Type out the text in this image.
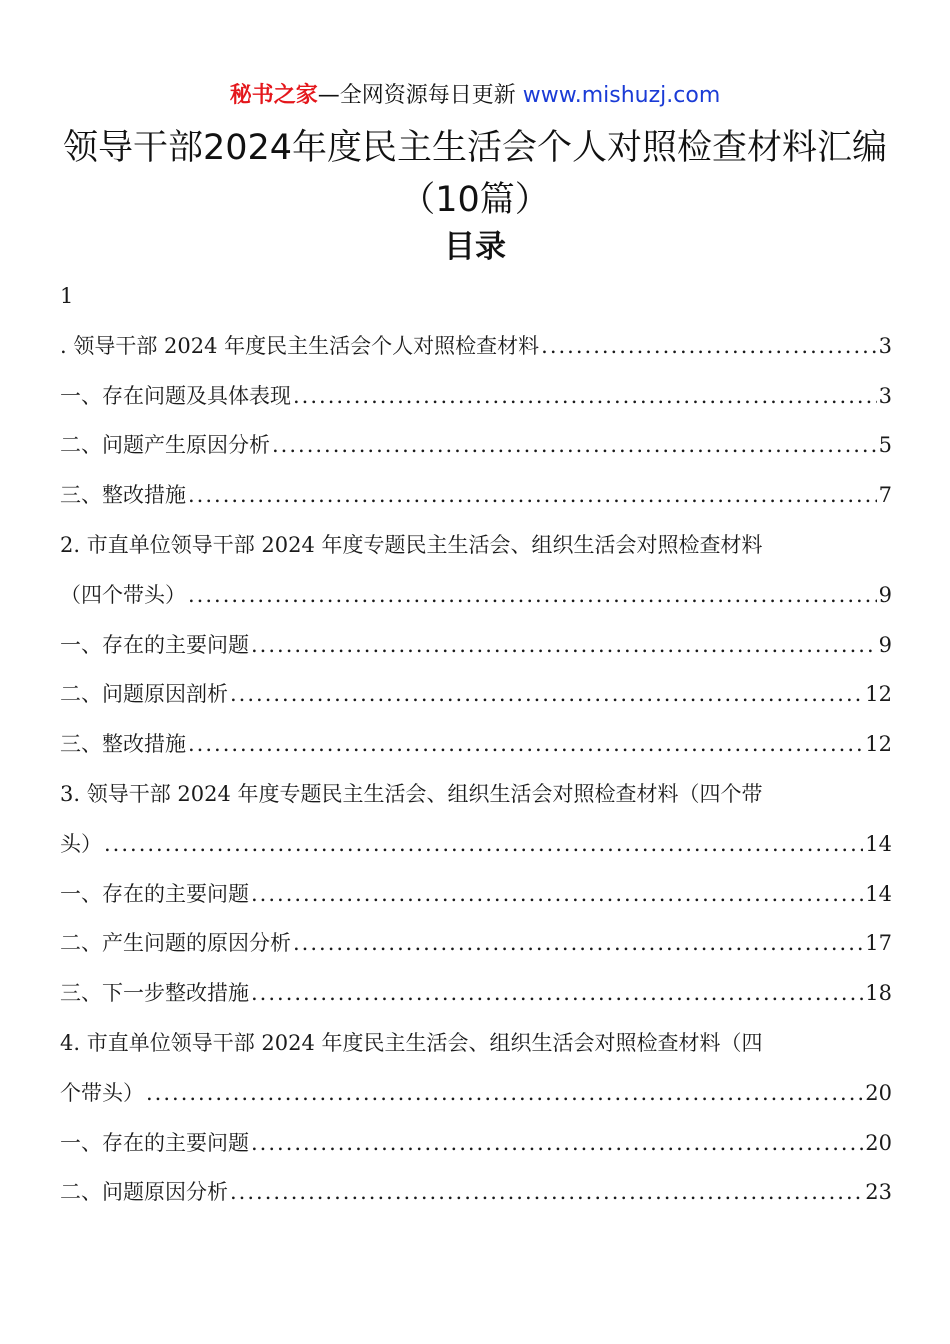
秘书之家—全网资源每日更新 www.mishuzj.com
领导干部2024年度民主生活会个人对照检查材料汇编（10篇）
目录
1
. 领导干部 2024 年度民主生活会个人对照检查材料 .....	3
一、存在问题及具体表现 .....	3
二、问题产生原因分析 .....	5
三、整改措施 .....	7
2. 市直单位领导干部 2024 年度专题民主生活会、组织生活会对照检查材料
（四个带头） .....	9
一、存在的主要问题 .....	9
二、问题原因剖析 .....	12
三、整改措施 .....	12
3. 领导干部 2024 年度专题民主生活会、组织生活会对照检查材料（四个带
头） .....	14
一、存在的主要问题 .....	14
二、产生问题的原因分析 .....	17
三、下一步整改措施 .....	18
4. 市直单位领导干部 2024 年度民主生活会、组织生活会对照检查材料（四
个带头） .....	20
一、存在的主要问题 .....	20
二、问题原因分析 .....	23
